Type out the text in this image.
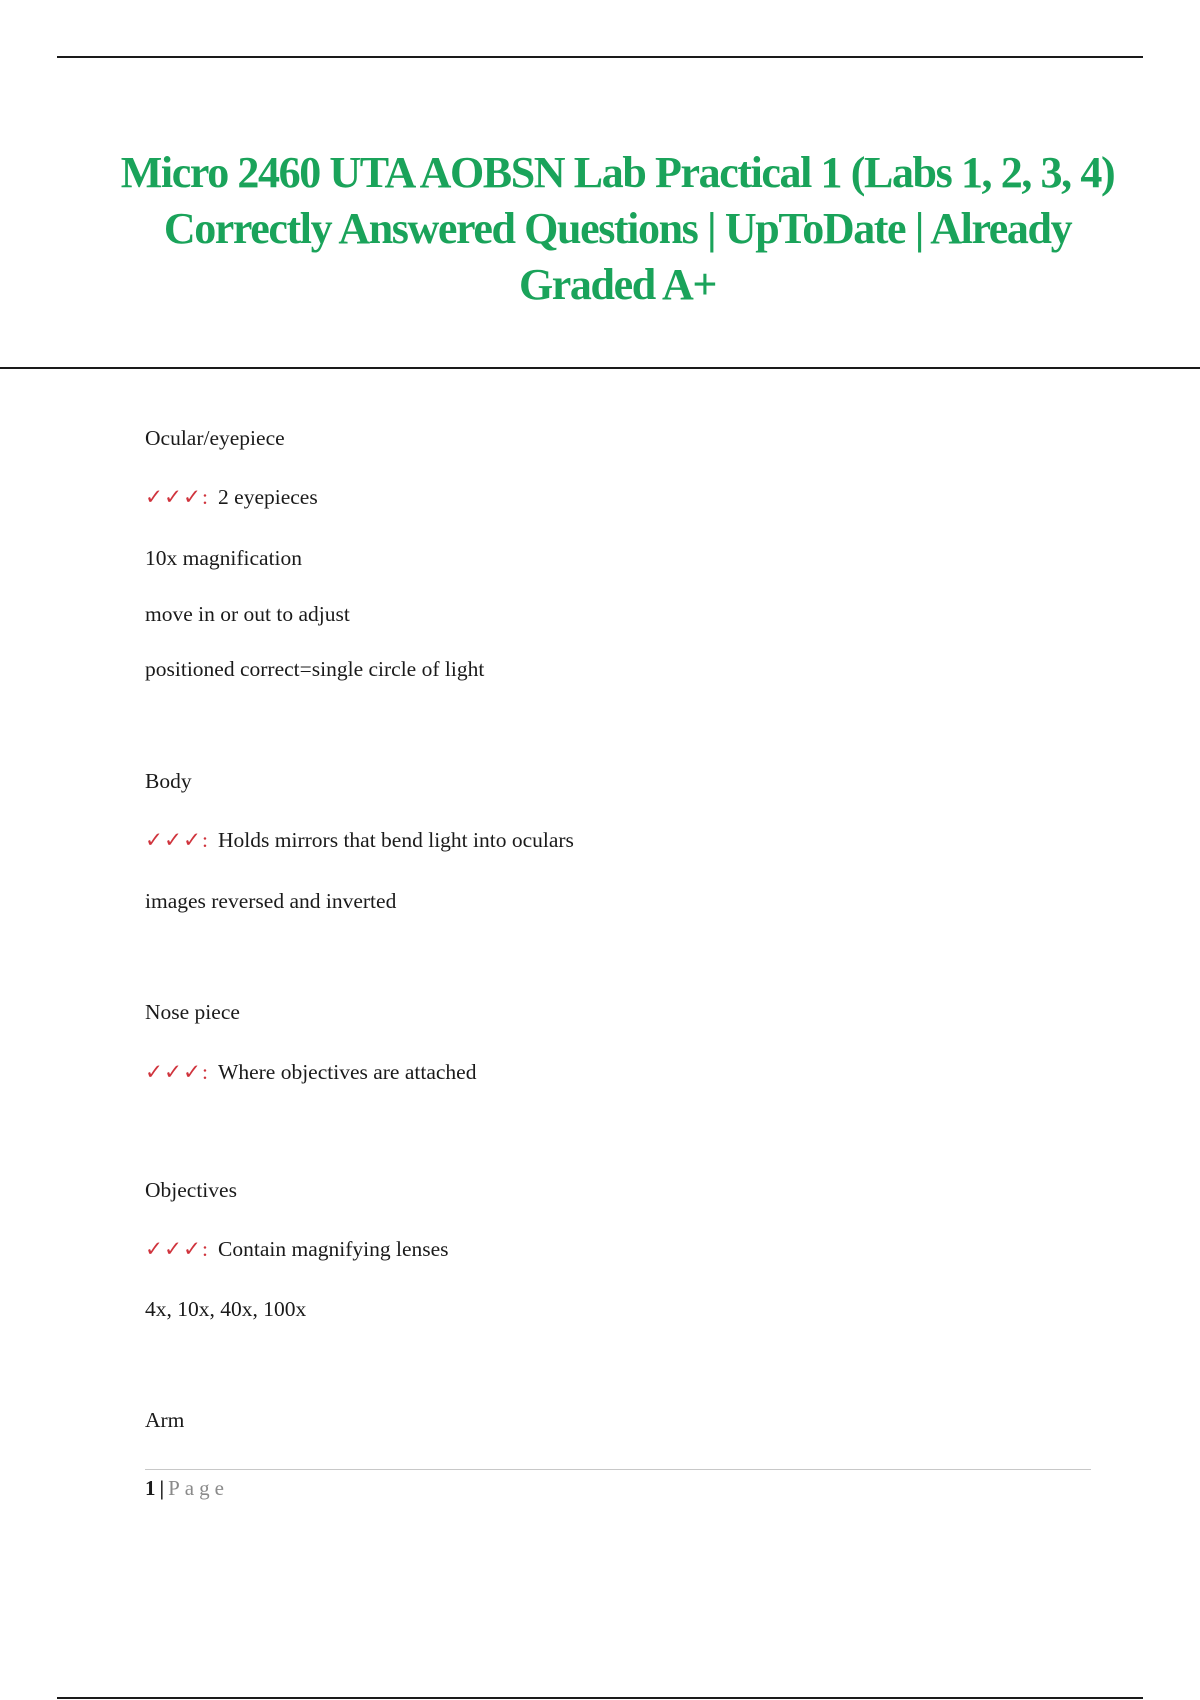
Micro 2460 UTA AOBSN Lab Practical 1 (Labs 1, 2, 3, 4) Correctly Answered Questions | UpToDate | Already Graded A+
Ocular/eyepiece
✓✓✓: 2 eyepieces
10x magnification
move in or out to adjust
positioned correct=single circle of light
Body
✓✓✓: Holds mirrors that bend light into oculars
images reversed and inverted
Nose piece
✓✓✓: Where objectives are attached
Objectives
✓✓✓: Contain magnifying lenses
4x, 10x, 40x, 100x
Arm
1 | Page
